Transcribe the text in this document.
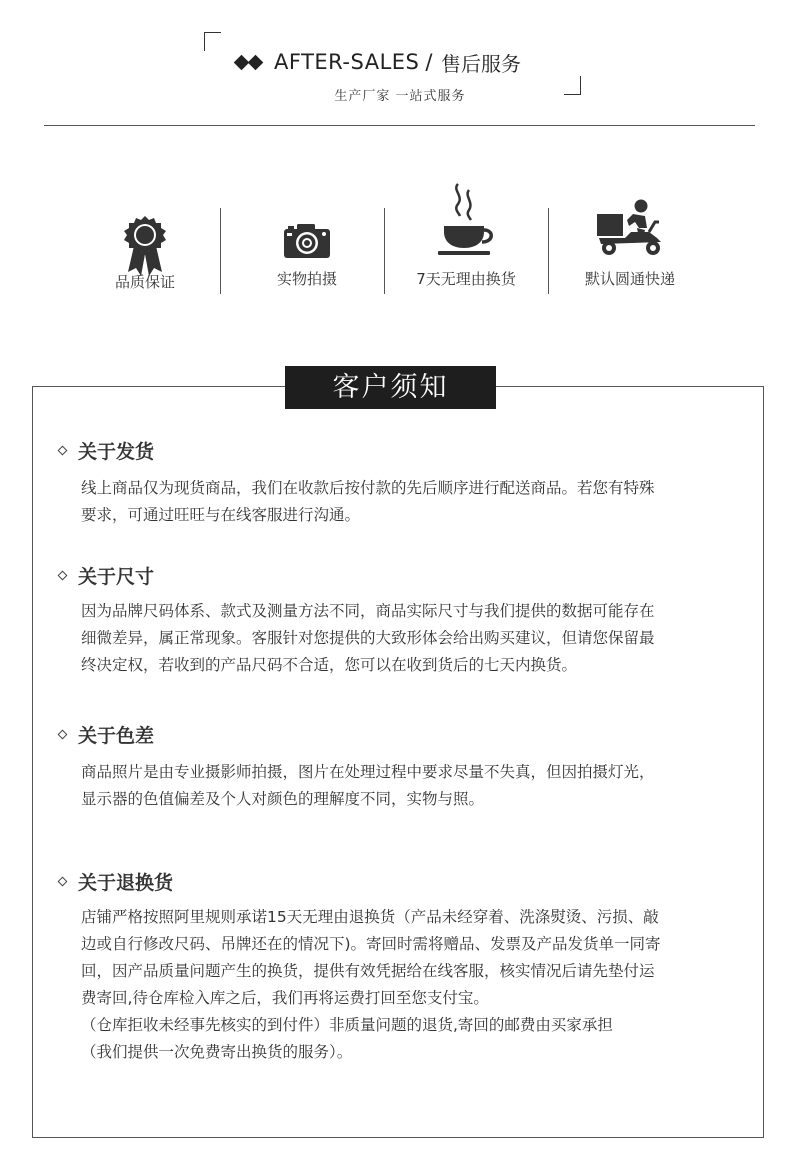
AFTER-SALES / 售后服务
生产厂家 一站式服务
品质保证	实物拍摄	7天无理由换货	默认圆通快递
客户须知
关于发货

线上商品仅为现货商品，我们在收款后按付款的先后顺序进行配送商品。若您有特殊

要求，可通过旺旺与在线客服进行沟通。

关于尺寸

因为品牌尺码体系、款式及测量方法不同，商品实际尺寸与我们提供的数据可能存在

细微差异，属正常现象。客服针对您提供的大致形体会给出购买建议，但请您保留最

终决定权，若收到的产品尺码不合适，您可以在收到货后的七天内换货。

关于色差

商品照片是由专业摄影师拍摄，图片在处理过程中要求尽量不失真，但因拍摄灯光，

显示器的色值偏差及个人对颜色的理解度不同，实物与照。

关于退换货

店铺严格按照阿里规则承诺15天无理由退换货（产品未经穿着、洗涤熨烫、污损、敲

边或自行修改尺码、吊牌还在的情况下)。寄回时需将赠品、发票及产品发货单一同寄

回，因产品质量问题产生的换货，提供有效凭据给在线客服，核实情况后请先垫付运

费寄回,待仓库检入库之后，我们再将运费打回至您支付宝。

（仓库拒收未经事先核实的到付件）非质量问题的退货,寄回的邮费由买家承担

（我们提供一次免费寄出换货的服务）。
